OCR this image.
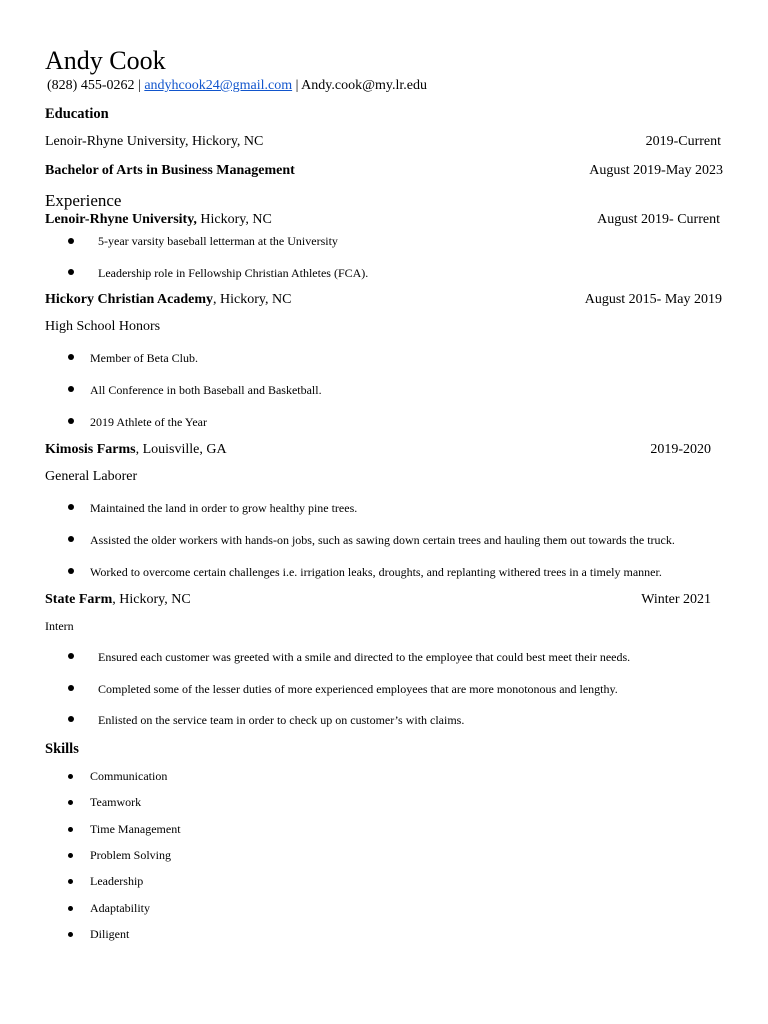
Andy Cook
(828) 455-0262 | andyhcook24@gmail.com | Andy.cook@my.lr.edu
Education
Lenoir-Rhyne University, Hickory, NC	2019-Current
Bachelor of Arts in Business Management	August 2019-May 2023
Experience
Lenoir-Rhyne University, Hickory, NC	August 2019- Current
5-year varsity baseball letterman at the University
Leadership role in Fellowship Christian Athletes (FCA).
Hickory Christian Academy, Hickory, NC	August 2015- May 2019
High School Honors
Member of Beta Club.
All Conference in both Baseball and Basketball.
2019 Athlete of the Year
Kimosis Farms, Louisville, GA	2019-2020
General Laborer
Maintained the land in order to grow healthy pine trees.
Assisted the older workers with hands-on jobs, such as sawing down certain trees and hauling them out towards the truck.
Worked to overcome certain challenges i.e. irrigation leaks, droughts, and replanting withered trees in a timely manner.
State Farm, Hickory, NC	Winter 2021
Intern
Ensured each customer was greeted with a smile and directed to the employee that could best meet their needs.
Completed some of the lesser duties of more experienced employees that are more monotonous and lengthy.
Enlisted on the service team in order to check up on customer’s with claims.
Skills
Communication
Teamwork
Time Management
Problem Solving
Leadership
Adaptability
Diligent
